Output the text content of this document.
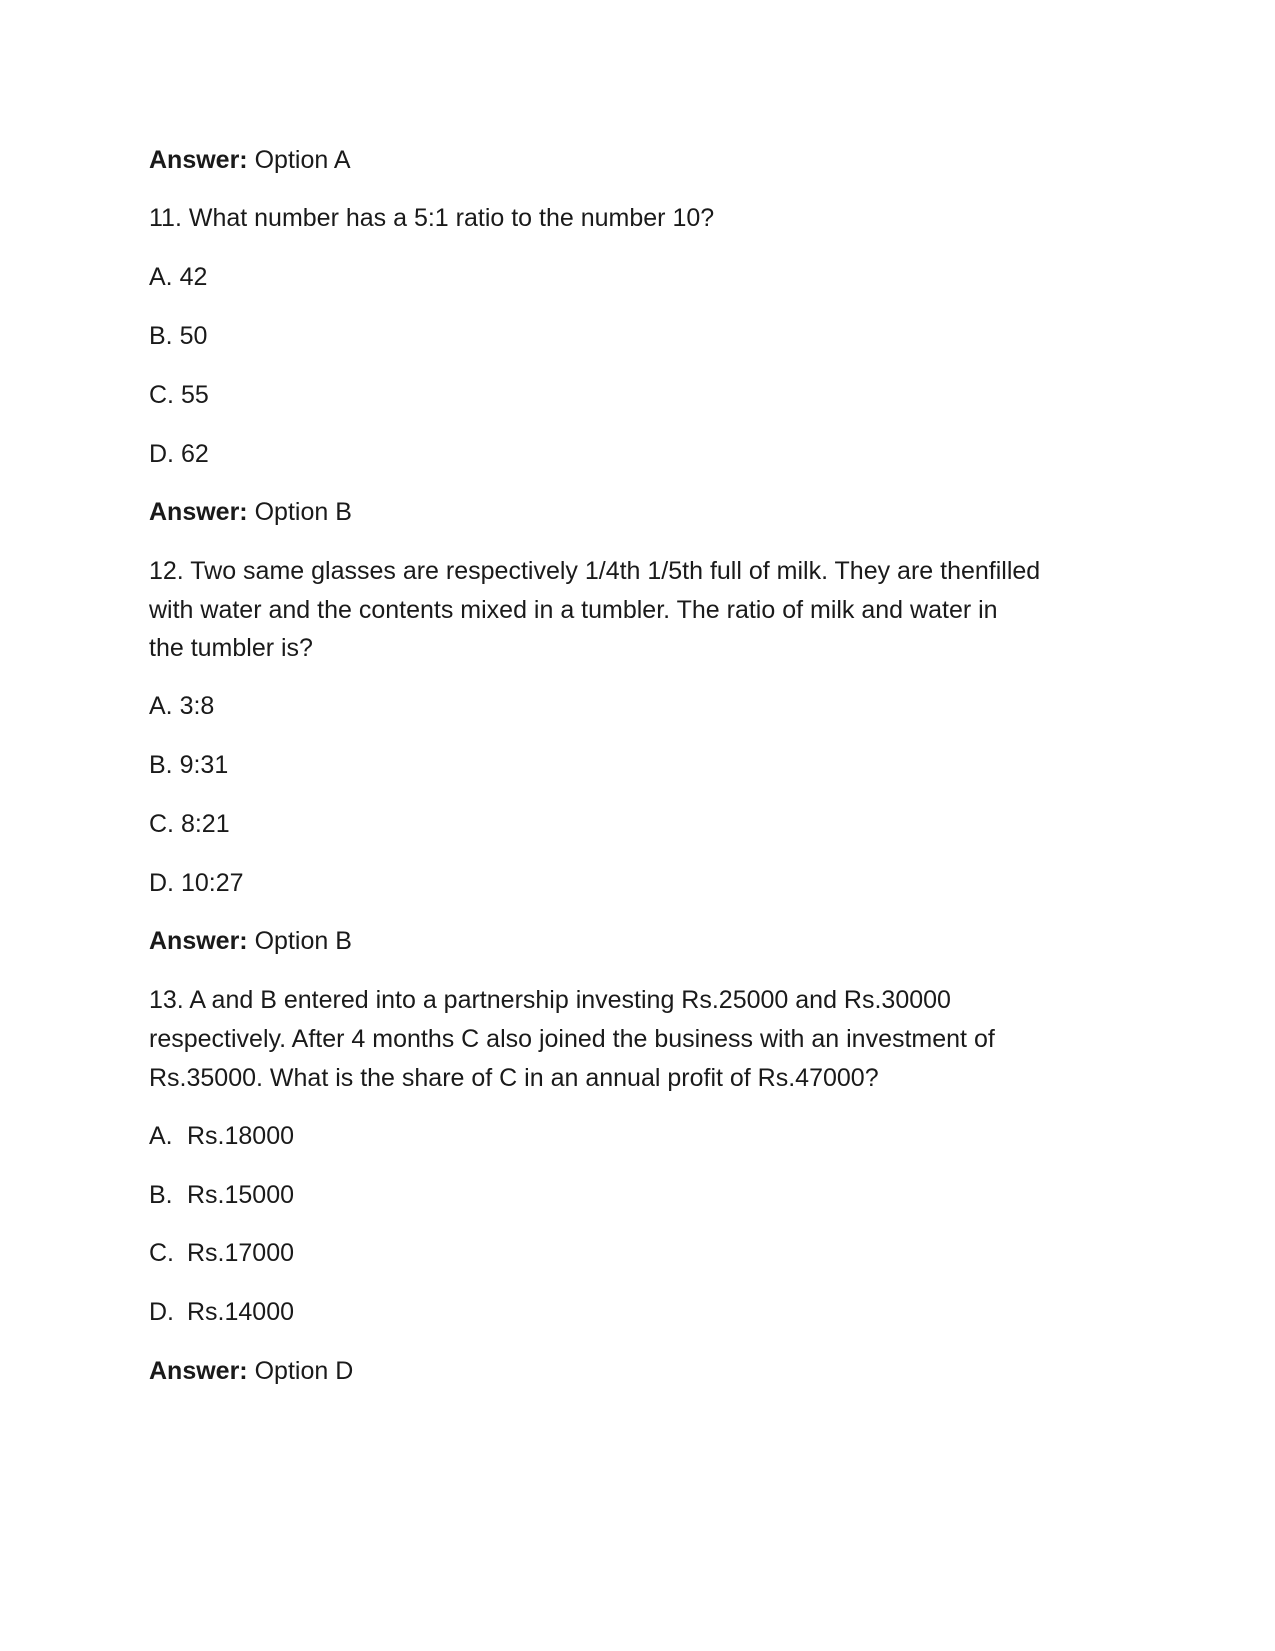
Answer: Option A

11. What number has a 5:1 ratio to the number 10?

A. 42

B. 50

C. 55

D. 62

Answer: Option B

12. Two same glasses are respectively 1/4th 1/5th full of milk. They are thenfilled

with water and the contents mixed in a tumbler. The ratio of milk and water in

the tumbler is?

A. 3:8

B. 9:31

C. 8:21

D. 10:27

Answer: Option B

13. A and B entered into a partnership investing Rs.25000 and Rs.30000

respectively. After 4 months C also joined the business with an investment of

Rs.35000. What is the share of C in an annual profit of Rs.47000?

A. Rs.18000

B. Rs.15000

C. Rs.17000

D. Rs.14000

Answer: Option D
